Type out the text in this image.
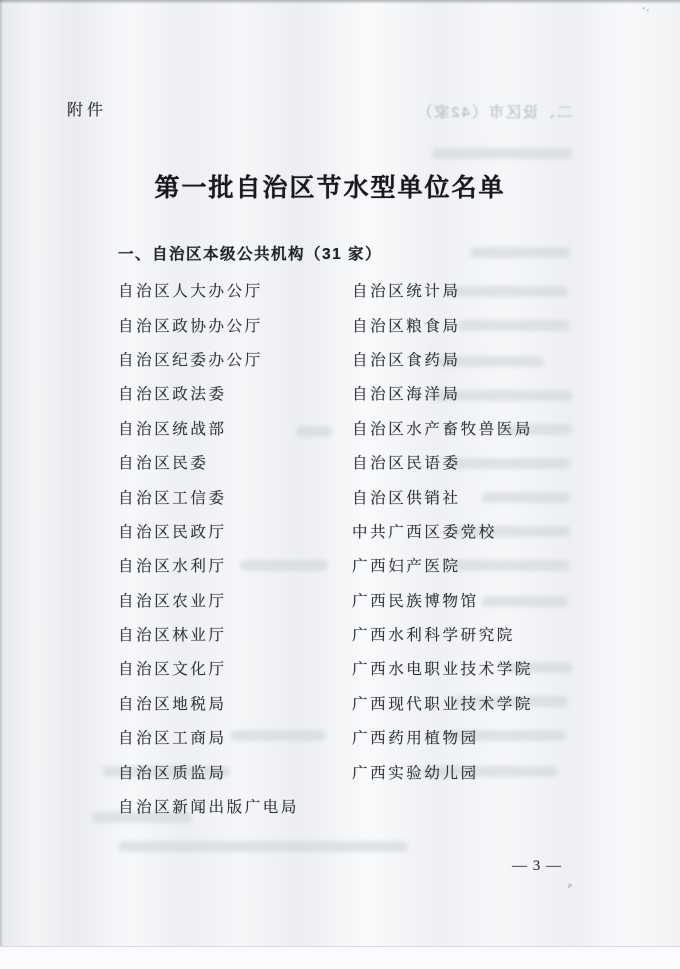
二、设区市（42家）
ﾞ'
ₚ
附件
第一批自治区节水型单位名单
一、自治区本级公共机构（31 家）
自治区人大办公厅	自治区统计局
自治区政协办公厅	自治区粮食局
自治区纪委办公厅	自治区食药局
自治区政法委	自治区海洋局
自治区统战部	自治区水产畜牧兽医局
自治区民委	自治区民语委
自治区工信委	自治区供销社
自治区民政厅	中共广西区委党校
自治区水利厅	广西妇产医院
自治区农业厅	广西民族博物馆
自治区林业厅	广西水利科学研究院
自治区文化厅	广西水电职业技术学院
自治区地税局	广西现代职业技术学院
自治区工商局	广西药用植物园
自治区质监局	广西实验幼儿园
自治区新闻出版广电局
— 3 —
